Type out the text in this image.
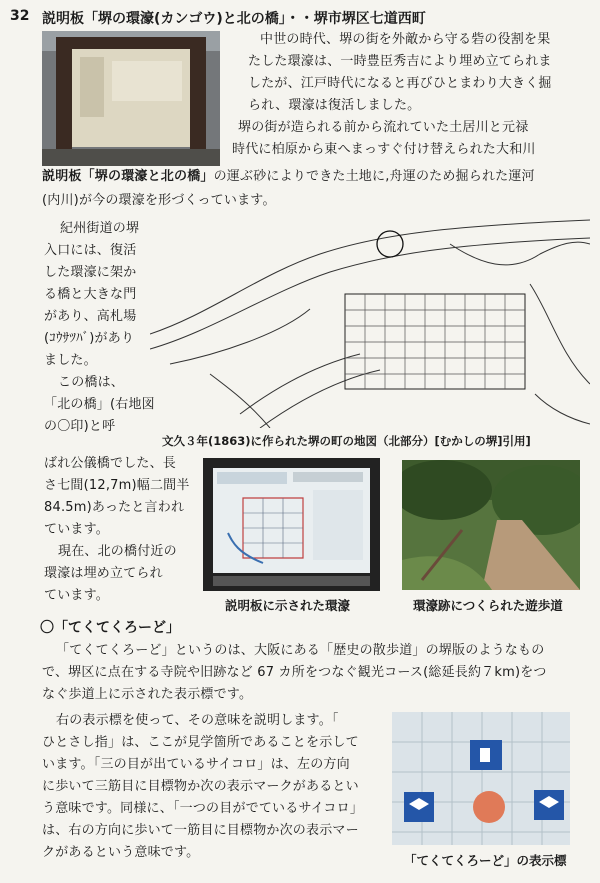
32 説明板「堺の環濠(カンゴウ)と北の橋」・・堺市堺区七道西町
中世の時代、堺の街を外敵から守る砦の役割を果
たした環濠は、一時豊臣秀吉により埋め立てられま
したが、江戸時代になると再びひとまわり大きく掘
られ、環濠は復活しました。
堺の街が造られる前から流れていた土居川と元禄
時代に柏原から東へまっすぐ付け替えられた大和川
説明板「堺の環濠と北の橋」の運ぶ砂によりできた土地に,舟運のため掘られた運河
(内川)が今の環濠を形づくっています。
紀州街道の堺
入口には、復活
した環濠に架か
る橋と大きな門
があり、高札場
(ｺｳｻﾂﾊﾞ)があり
ました。
この橋は、
「北の橋」(右地図
の〇印)と呼
文久３年(1863)に作られた堺の町の地図（北部分）[むかしの堺]引用]
ばれ公儀橋でした、長
さ七間(12,7m)幅二間半
84.5m)あったと言われ
ています。
現在、北の橋付近の
環濠は埋め立てられ
ています。
説明板に示された環濠	環濠跡につくられた遊歩道
〇「てくてくろーど」
「てくてくろーど」というのは、大阪にある「歴史の散歩道」の堺版のようなもの
で、堺区に点在する寺院や旧跡など 67 カ所をつなぐ観光コース(総延長約７km)をつ
なぐ歩道上に示された表示標です。
右の表示標を使って、その意味を説明します。「
ひとさし指」は、ここが見学箇所であることを示して
います。「三の目が出ているサイコロ」は、左の方向
に歩いて三筋目に目標物か次の表示マークがあるとい
う意味です。同様に、「一つの目がでているサイコロ」
は、右の方向に歩いて一筋目に目標物か次の表示マー
クがあるという意味です。
「てくてくろーど」の表示標
